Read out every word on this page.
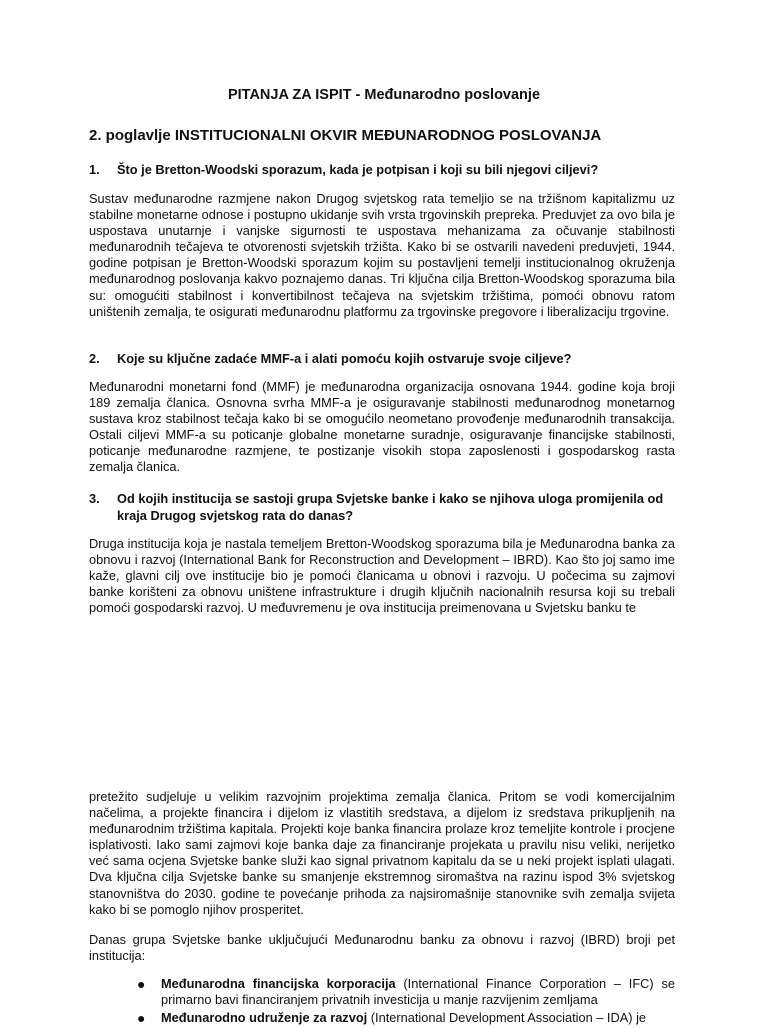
PITANJA ZA ISPIT - Međunarodno poslovanje
2. poglavlje INSTITUCIONALNI OKVIR MEĐUNARODNOG POSLOVANJA
1. Što je Bretton-Woodski sporazum, kada je potpisan i koji su bili njegovi ciljevi?
Sustav međunarodne razmjene nakon Drugog svjetskog rata temeljio se na tržišnom kapitalizmu uz stabilne monetarne odnose i postupno ukidanje svih vrsta trgovinskih prepreka. Preduvjet za ovo bila je uspostava unutarnje i vanjske sigurnosti te uspostava mehanizama za očuvanje stabilnosti međunarodnih tečajeva te otvorenosti svjetskih tržišta. Kako bi se ostvarili navedeni preduvjeti, 1944. godine potpisan je Bretton-Woodski sporazum kojim su postavljeni temelji institucionalnog okruženja međunarodnog poslovanja kakvo poznajemo danas. Tri ključna cilja Bretton-Woodskog sporazuma bila su: omogućiti stabilnost i konvertibilnost tečajeva na svjetskim tržištima, pomoći obnovu ratom uništenih zemalja, te osigurati međunarodnu platformu za trgovinske pregovore i liberalizaciju trgovine.
2. Koje su ključne zadaće MMF-a i alati pomoću kojih ostvaruje svoje ciljeve?
Međunarodni monetarni fond (MMF) je međunarodna organizacija osnovana 1944. godine koja broji 189 zemalja članica. Osnovna svrha MMF-a je osiguravanje stabilnosti međunarodnog monetarnog sustava kroz stabilnost tečaja kako bi se omogućilo neometano provođenje međunarodnih transakcija. Ostali ciljevi MMF-a su poticanje globalne monetarne suradnje, osiguravanje financijske stabilnosti, poticanje međunarodne razmjene, te postizanje visokih stopa zaposlenosti i gospodarskog rasta zemalja članica.
3. Od kojih institucija se sastoji grupa Svjetske banke i kako se njihova uloga promijenila od kraja Drugog svjetskog rata do danas?
Druga institucija koja je nastala temeljem Bretton-Woodskog sporazuma bila je Međunarodna banka za obnovu i razvoj (International Bank for Reconstruction and Development – IBRD). Kao što joj samo ime kaže, glavni cilj ove institucije bio je pomoći članicama u obnovi i razvoju. U počecima su zajmovi banke korišteni za obnovu uništene infrastrukture i drugih ključnih nacionalnih resursa koji su trebali pomoći gospodarski razvoj. U međuvremenu je ova institucija preimenovana u Svjetsku banku te
pretežito sudjeluje u velikim razvojnim projektima zemalja članica. Pritom se vodi komercijalnim načelima, a projekte financira i dijelom iz vlastitih sredstava, a dijelom iz sredstava prikupljenih na međunarodnim tržištima kapitala. Projekti koje banka financira prolaze kroz temeljite kontrole i procjene isplativosti. Iako sami zajmovi koje banka daje za financiranje projekata u pravilu nisu veliki, nerijetko već sama ocjena Svjetske banke služi kao signal privatnom kapitalu da se u neki projekt isplati ulagati. Dva ključna cilja Svjetske banke su smanjenje ekstremnog siromaštva na razinu ispod 3% svjetskog stanovništva do 2030. godine te povećanje prihoda za najsiromašnije stanovnike svih zemalja svijeta kako bi se pomoglo njihov prosperitet.
Danas grupa Svjetske banke uključujući Međunarodnu banku za obnovu i razvoj (IBRD) broji pet institucija:
● Međunarodna financijska korporacija (International Finance Corporation – IFC) se primarno bavi financiranjem privatnih investicija u manje razvijenim zemljama
● Međunarodno udruženje za razvoj (International Development Association – IDA) je
